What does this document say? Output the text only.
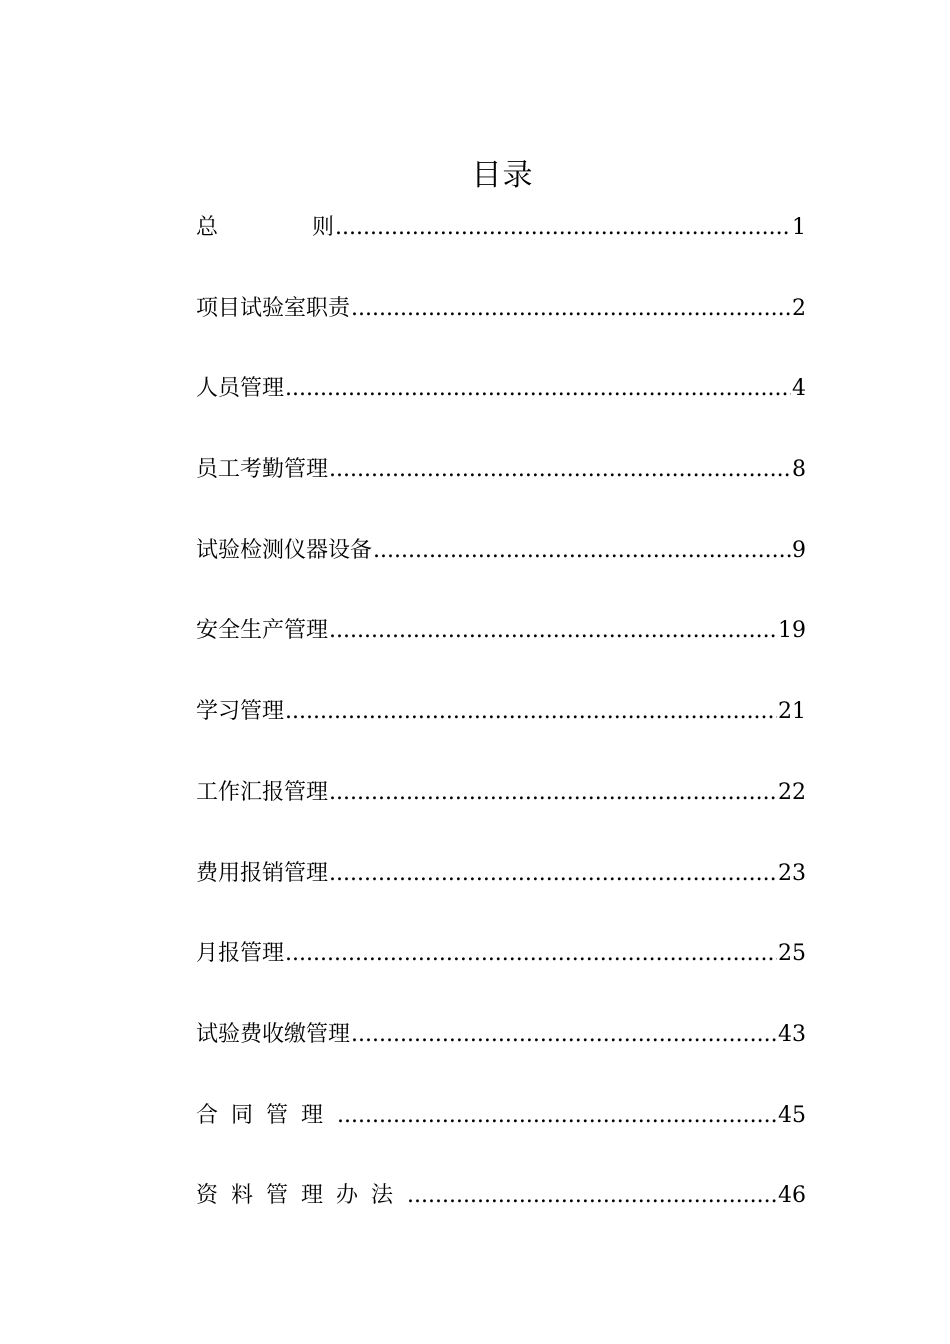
目录
总　　则 .....	1
项目试验室职责 .....	2
人员管理 .....	4
员工考勤管理 .....	8
试验检测仪器设备 .....	9
安全生产管理 .....	19
学习管理 .....	21
工作汇报管理 .....	22
费用报销管理 .....	23
月报管理 .....	25
试验费收缴管理 .....	43
合同管理 .....	45
资料管理办法 .....	46
